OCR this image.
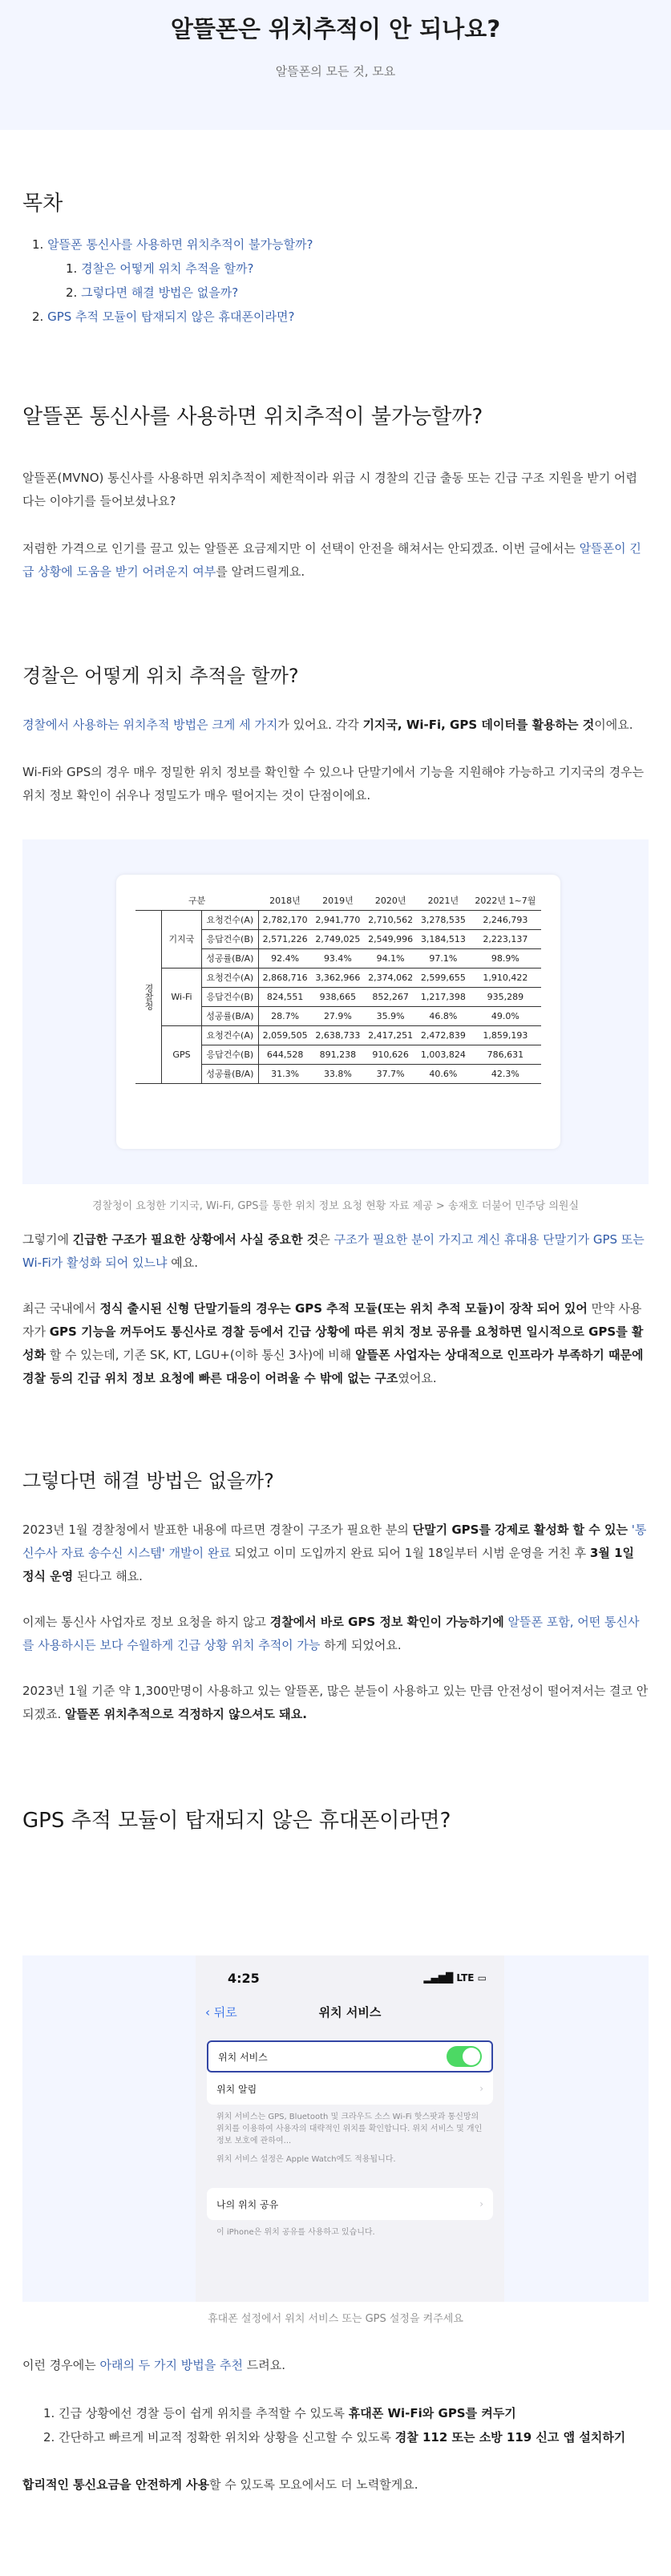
알뜰폰은 위치추적이 안 되나요?
알뜰폰의 모든 것, 모요
목차
1. 알뜰폰 통신사를 사용하면 위치추적이 불가능할까?
1. 경찰은 어떻게 위치 추적을 할까?
2. 그렇다면 해결 방법은 없을까?
2. GPS 추적 모듈이 탑재되지 않은 휴대폰이라면?
알뜰폰 통신사를 사용하면 위치추적이 불가능할까?

알뜰폰(MVNO) 통신사를 사용하면 위치추적이 제한적이라 위급 시 경찰의 긴급 출동 또는 긴급 구조 지원을 받기 어렵다는 이야기를 들어보셨나요?

저렴한 가격으로 인기를 끌고 있는 알뜰폰 요금제지만 이 선택이 안전을 해쳐서는 안되겠죠. 이번 글에서는 알뜰폰이 긴급 상황에 도움을 받기 어려운지 여부를 알려드릴게요.

경찰은 어떻게 위치 추적을 할까?

경찰에서 사용하는 위치추적 방법은 크게 세 가지가 있어요. 각각 기지국, Wi-Fi, GPS 데이터를 활용하는 것이에요.

Wi-Fi와 GPS의 경우 매우 정밀한 위치 정보를 확인할 수 있으나 단말기에서 기능을 지원해야 가능하고 기지국의 경우는 위치 정보 확인이 쉬우나 정밀도가 매우 떨어지는 것이 단점이에요.

구분			2018년	2019년	2020년	2021년	2022년 1~7월
경찰청	기지국	요청건수(A)	2,782,170	2,941,770	2,710,562	3,278,535	2,246,793
		응답건수(B)	2,571,226	2,749,025	2,549,996	3,184,513	2,223,137
		성공률(B/A)	92.4%	93.4%	94.1%	97.1%	98.9%
	Wi-Fi	요청건수(A)	2,868,716	3,362,966	2,374,062	2,599,655	1,910,422
		응답건수(B)	824,551	938,665	852,267	1,217,398	935,289
		성공률(B/A)	28.7%	27.9%	35.9%	46.8%	49.0%
	GPS	요청건수(A)	2,059,505	2,638,733	2,417,251	2,472,839	1,859,193
		응답건수(B)	644,528	891,238	910,626	1,003,824	786,631
		성공률(B/A)	31.3%	33.8%	37.7%	40.6%	42.3%
경찰청이 요청한 기지국, Wi-Fi, GPS를 통한 위치 정보 요청 현황 자료 제공 > 송재호 더불어 민주당 의원실

그렇기에 긴급한 구조가 필요한 상황에서 사실 중요한 것은 구조가 필요한 분이 가지고 계신 휴대용 단말기가 GPS 또는 Wi-Fi가 활성화 되어 있느냐 예요.

최근 국내에서 정식 출시된 신형 단말기들의 경우는 GPS 추적 모듈(또는 위치 추적 모듈)이 장착 되어 있어 만약 사용자가 GPS 기능을 꺼두어도 통신사로 경찰 등에서 긴급 상황에 따른 위치 정보 공유를 요청하면 일시적으로 GPS를 활성화 할 수 있는데, 기존 SK, KT, LGU+(이하 통신 3사)에 비해 알뜰폰 사업자는 상대적으로 인프라가 부족하기 때문에 경찰 등의 긴급 위치 정보 요청에 빠른 대응이 어려울 수 밖에 없는 구조였어요.

그렇다면 해결 방법은 없을까?

2023년 1월 경찰청에서 발표한 내용에 따르면 경찰이 구조가 필요한 분의 단말기 GPS를 강제로 활성화 할 수 있는 '통신수사 자료 송수신 시스템' 개발이 완료 되었고 이미 도입까지 완료 되어 1월 18일부터 시범 운영을 거친 후 3월 1일 정식 운영 된다고 해요.

이제는 통신사 사업자로 정보 요청을 하지 않고 경찰에서 바로 GPS 정보 확인이 가능하기에 알뜰폰 포함, 어떤 통신사를 사용하시든 보다 수월하게 긴급 상황 위치 추적이 가능 하게 되었어요.

2023년 1월 기준 약 1,300만명이 사용하고 있는 알뜰폰, 많은 분들이 사용하고 있는 만큼 안전성이 떨어져서는 결코 안되겠죠. 알뜰폰 위치추적으로 걱정하지 않으셔도 돼요.

GPS 추적 모듈이 탑재되지 않은 휴대폰이라면?
4:25	▂▄▆█ LTE ▭
‹ 뒤로	위치 서비스
위치 서비스
위치 알림	›
위치 서비스는 GPS, Bluetooth 및 크라우드 소스 Wi-Fi 핫스팟과 통신망의 위치를 이용하여 사용자의 대략적인 위치를 확인합니다. 위치 서비스 및 개인정보 보호에 관하여...
위치 서비스 설정은 Apple Watch에도 적용됩니다.
나의 위치 공유	›
이 iPhone은 위치 공유를 사용하고 있습니다.
휴대폰 설정에서 위치 서비스 또는 GPS 설정을 켜주세요

이런 경우에는 아래의 두 가지 방법을 추천 드려요.

1. 긴급 상황에선 경찰 등이 쉽게 위치를 추적할 수 있도록 휴대폰 Wi-Fi와 GPS를 켜두기
2. 간단하고 빠르게 비교적 정확한 위치와 상황을 신고할 수 있도록 경찰 112 또는 소방 119 신고 앱 설치하기

합리적인 통신요금을 안전하게 사용할 수 있도록 모요에서도 더 노력할게요.
